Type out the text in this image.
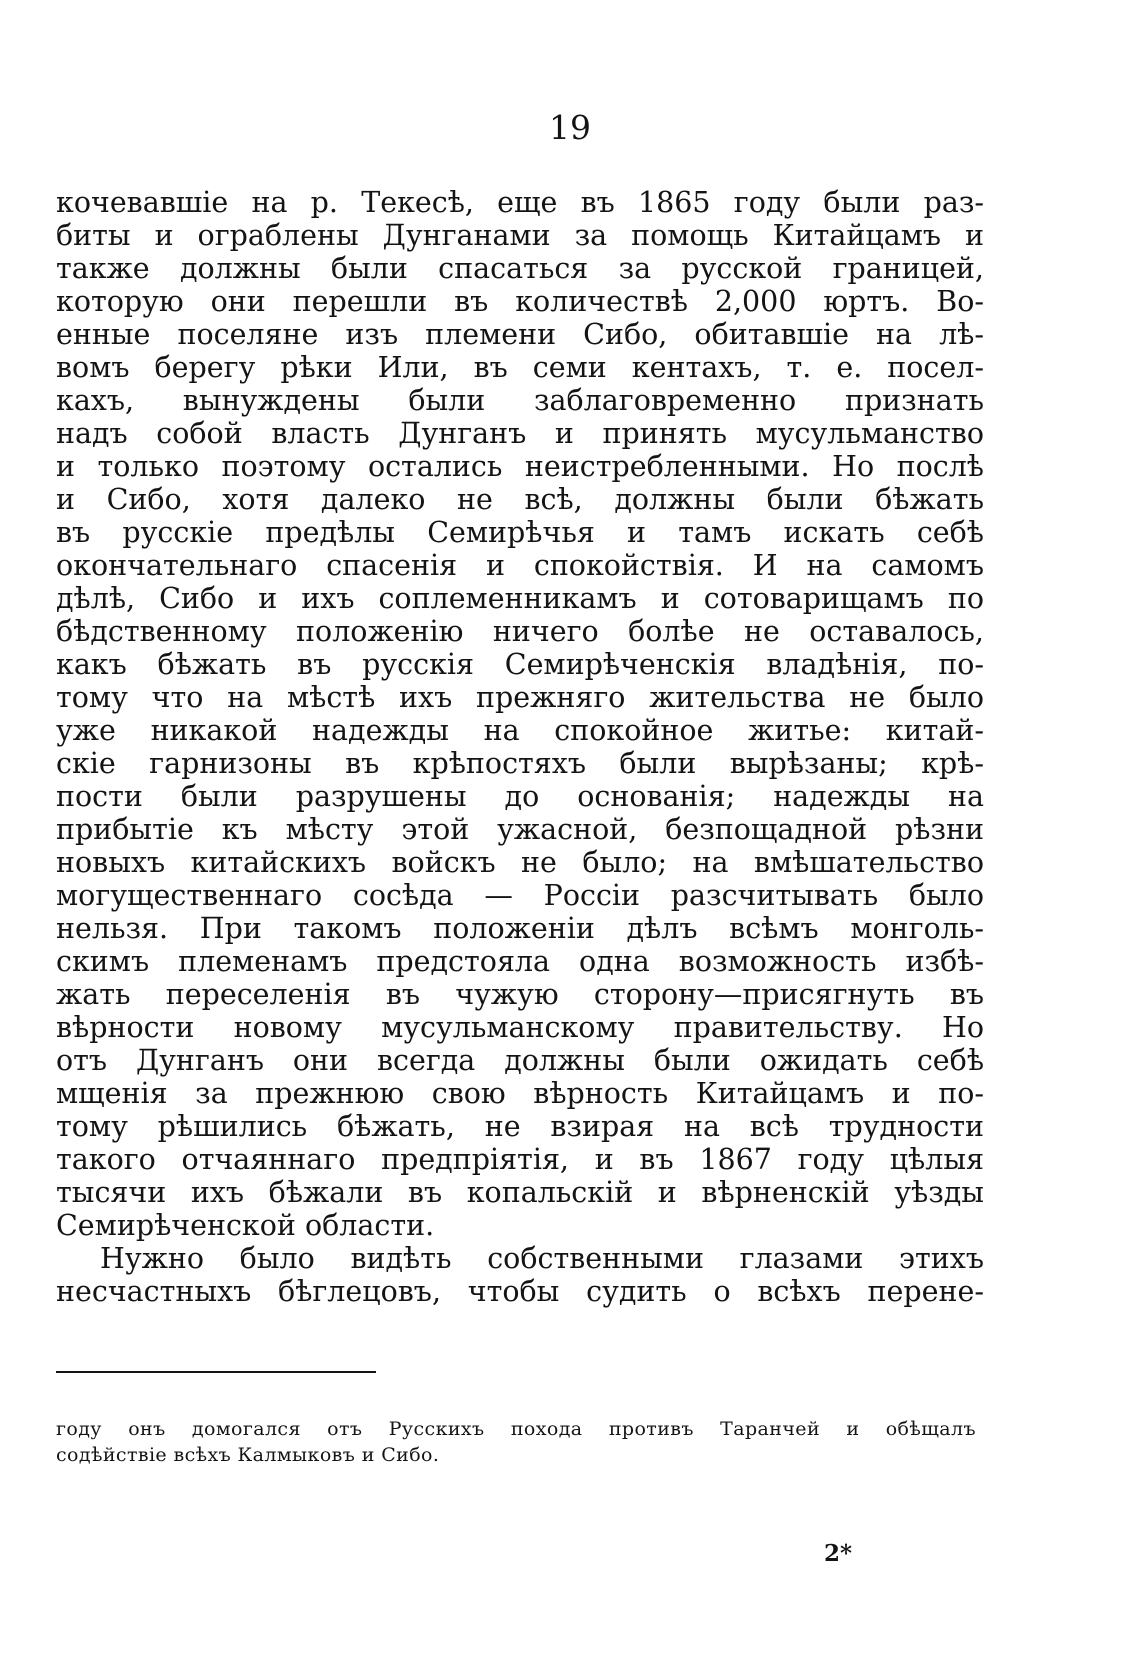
19
кочевавшіе на р. Текесѣ, еще въ 1865 году были раз-
биты и ограблены Дунганами за помощь Китайцамъ и
также должны были спасаться за русской границей,
которую они перешли въ количествѣ 2,000 юртъ. Во-
енные поселяне изъ племени Сибо, обитавшіе на лѣ-
вомъ берегу рѣки Или, въ семи кентахъ, т. е. посел-
кахъ, вынуждены были заблаговременно признать
надъ собой власть Дунганъ и принять мусульманство
и только поэтому остались неистребленными. Но послѣ
и Сибо, хотя далеко не всѣ, должны были бѣжать
въ русскіе предѣлы Семирѣчья и тамъ искать себѣ
окончательнаго спасенія и спокойствія. И на самомъ
дѣлѣ, Сибо и ихъ соплеменникамъ и сотоварищамъ по
бѣдственному положенію ничего болѣе не оставалось,
какъ бѣжать въ русскія Семирѣченскія владѣнія, по-
тому что на мѣстѣ ихъ прежняго жительства не было
уже никакой надежды на спокойное житье: китай-
скіе гарнизоны въ крѣпостяхъ были вырѣзаны; крѣ-
пости были разрушены до основанія; надежды на
прибытіе къ мѣсту этой ужасной, безпощадной рѣзни
новыхъ китайскихъ войскъ не было; на вмѣшательство
могущественнаго сосѣда — Россіи разсчитывать было
нельзя. При такомъ положеніи дѣлъ всѣмъ монголь-
скимъ племенамъ предстояла одна возможность избѣ-
жать переселенія въ чужую сторону—присягнуть въ
вѣрности новому мусульманскому правительству. Но
отъ Дунганъ они всегда должны были ожидать себѣ
мщенія за прежнюю свою вѣрность Китайцамъ и по-
тому рѣшились бѣжать, не взирая на всѣ трудности
такого отчаяннаго предпріятія, и въ 1867 году цѣлыя
тысячи ихъ бѣжали въ копальскій и вѣрненскій уѣзды
Семирѣченской области.
Нужно было видѣть собственными глазами этихъ
несчастныхъ бѣглецовъ, чтобы судить о всѣхъ перене-
году онъ домогался отъ Русскихъ похода противъ Таранчей и обѣщалъ
содѣйствіе всѣхъ Калмыковъ и Сибо.
2*
